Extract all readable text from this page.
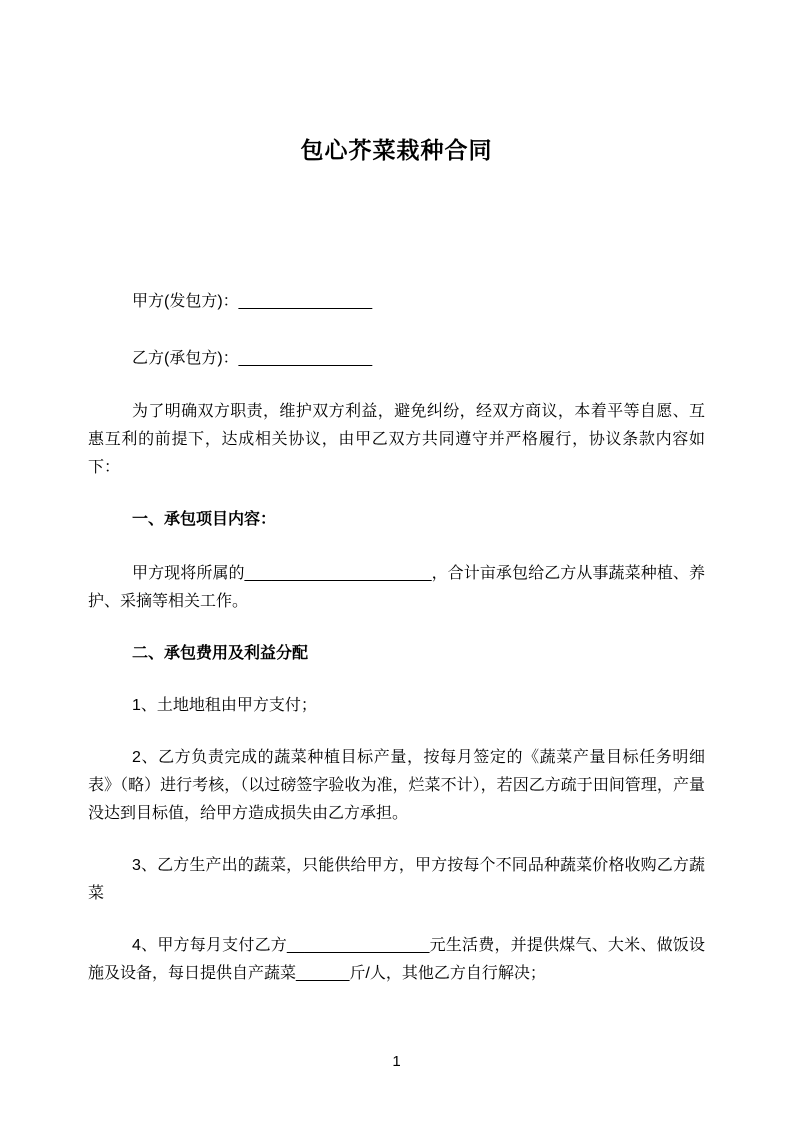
包心芥菜栽种合同

甲方(发包方)：_______________

乙方(承包方)：_______________

为了明确双方职责，维护双方利益，避免纠纷，经双方商议，本着平等自愿、互惠互利的前提下，达成相关协议，由甲乙双方共同遵守并严格履行，协议条款内容如下：

一、承包项目内容：

甲方现将所属的_____________________，合计亩承包给乙方从事蔬菜种植、养护、采摘等相关工作。

二、承包费用及利益分配

1、土地地租由甲方支付；

2、乙方负责完成的蔬菜种植目标产量，按每月签定的《蔬菜产量目标任务明细表》（略）进行考核，（以过磅签字验收为准，烂菜不计），若因乙方疏于田间管理，产量没达到目标值，给甲方造成损失由乙方承担。

3、乙方生产出的蔬菜，只能供给甲方，甲方按每个不同品种蔬菜价格收购乙方蔬菜

4、甲方每月支付乙方________________元生活费，并提供煤气、大米、做饭设施及设备，每日提供自产蔬菜______斤/人，其他乙方自行解决；

1
